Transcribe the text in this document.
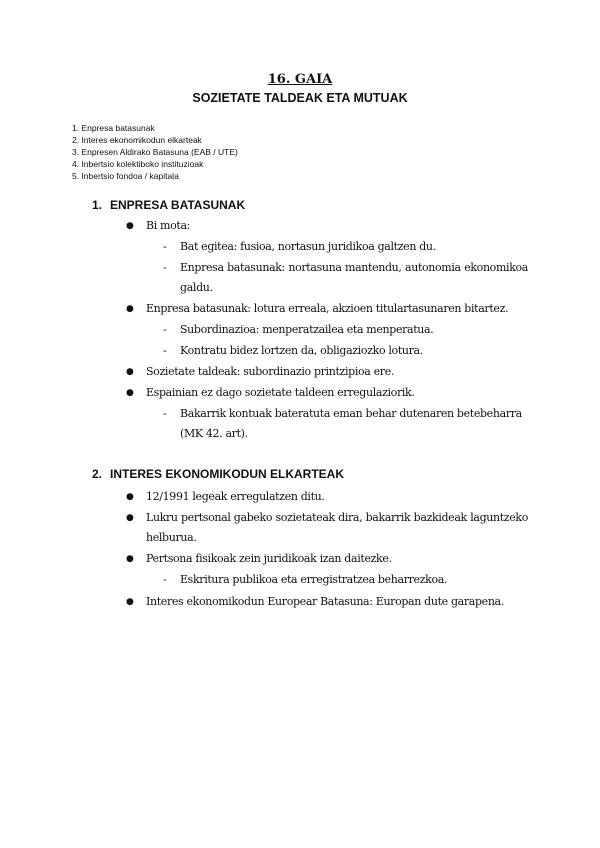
16. GAIA
SOZIETATE TALDEAK ETA MUTUAK
1. Enpresa batasunak
2. Interes ekonomikodun elkarteak
3. Enpresen Aldirako Batasuna (EAB / UTE)
4. Inbertsio kolektiboko instituzioak
5. Inbertsio fondoa / kapitala
1. ENPRESA BATASUNAK
● Bi mota:
- Bat egitea: fusioa, nortasun juridikoa galtzen du.
- Enpresa batasunak: nortasuna mantendu, autonomia ekonomikoa galdu.
● Enpresa batasunak: lotura erreala, akzioen titulartasunaren bitartez.
- Subordinazioa: menperatzailea eta menperatua.
- Kontratu bidez lortzen da, obligaziozko lotura.
● Sozietate taldeak: subordinazio printzipioa ere.
● Espainian ez dago sozietate taldeen erregulaziorik.
- Bakarrik kontuak bateratuta eman behar dutenaren betebeharra (MK 42. art).
2. INTERES EKONOMIKODUN ELKARTEAK
● 12/1991 legeak erregulatzen ditu.
● Lukru pertsonal gabeko sozietateak dira, bakarrik bazkideak laguntzeko helburua.
● Pertsona fisikoak zein juridikoak izan daitezke.
- Eskritura publikoa eta erregistratzea beharrezkoa.
● Interes ekonomikodun Europear Batasuna: Europan dute garapena.
